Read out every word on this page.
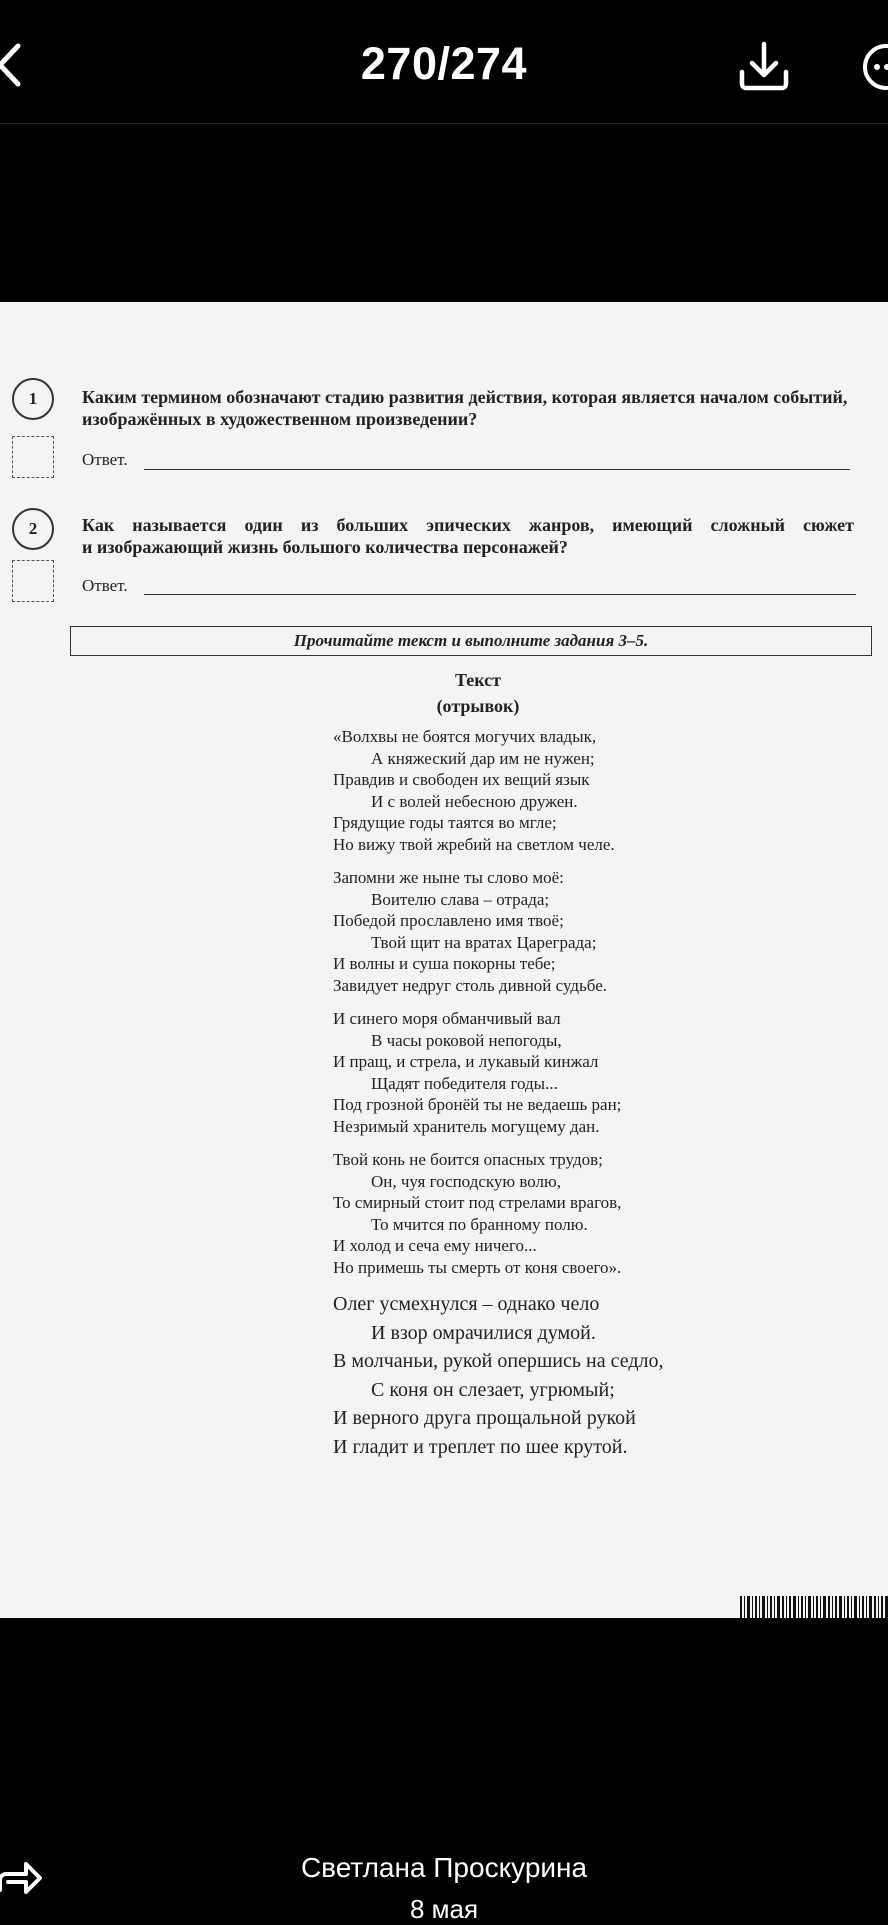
270/274
1	Каким термином обозначают стадию развития действия, которая является началом событий,
изображённых в художественном произведении?
Ответ.
2	Как называется один из больших эпических жанров, имеющий сложный сюжет
и изображающий жизнь большого количества персонажей?
Ответ.
Прочитайте текст и выполните задания 3–5.
Текст
(отрывок)
«Волхвы не боятся могучих владык,
А княжеский дар им не нужен;
Правдив и свободен их вещий язык
И с волей небесною дружен.
Грядущие годы таятся во мгле;
Но вижу твой жребий на светлом челе.
Запомни же ныне ты слово моё:
Воителю слава – отрада;
Победой прославлено имя твоё;
Твой щит на вратах Цареграда;
И волны и суша покорны тебе;
Завидует недруг столь дивной судьбе.
И синего моря обманчивый вал
В часы роковой непогоды,
И пращ, и стрела, и лукавый кинжал
Щадят победителя годы...
Под грозной бронёй ты не ведаешь ран;
Незримый хранитель могущему дан.
Твой конь не боится опасных трудов;
Он, чуя господскую волю,
То смирный стоит под стрелами врагов,
То мчится по бранному полю.
И холод и сеча ему ничего...
Но примешь ты смерть от коня своего».
Олег усмехнулся – однако чело
И взор омрачилися думой.
В молчаньи, рукой опершись на седло,
С коня он слезает, угрюмый;
И верного друга прощальной рукой
И гладит и треплет по шее крутой.
Светлана Проскурина
8 мая
